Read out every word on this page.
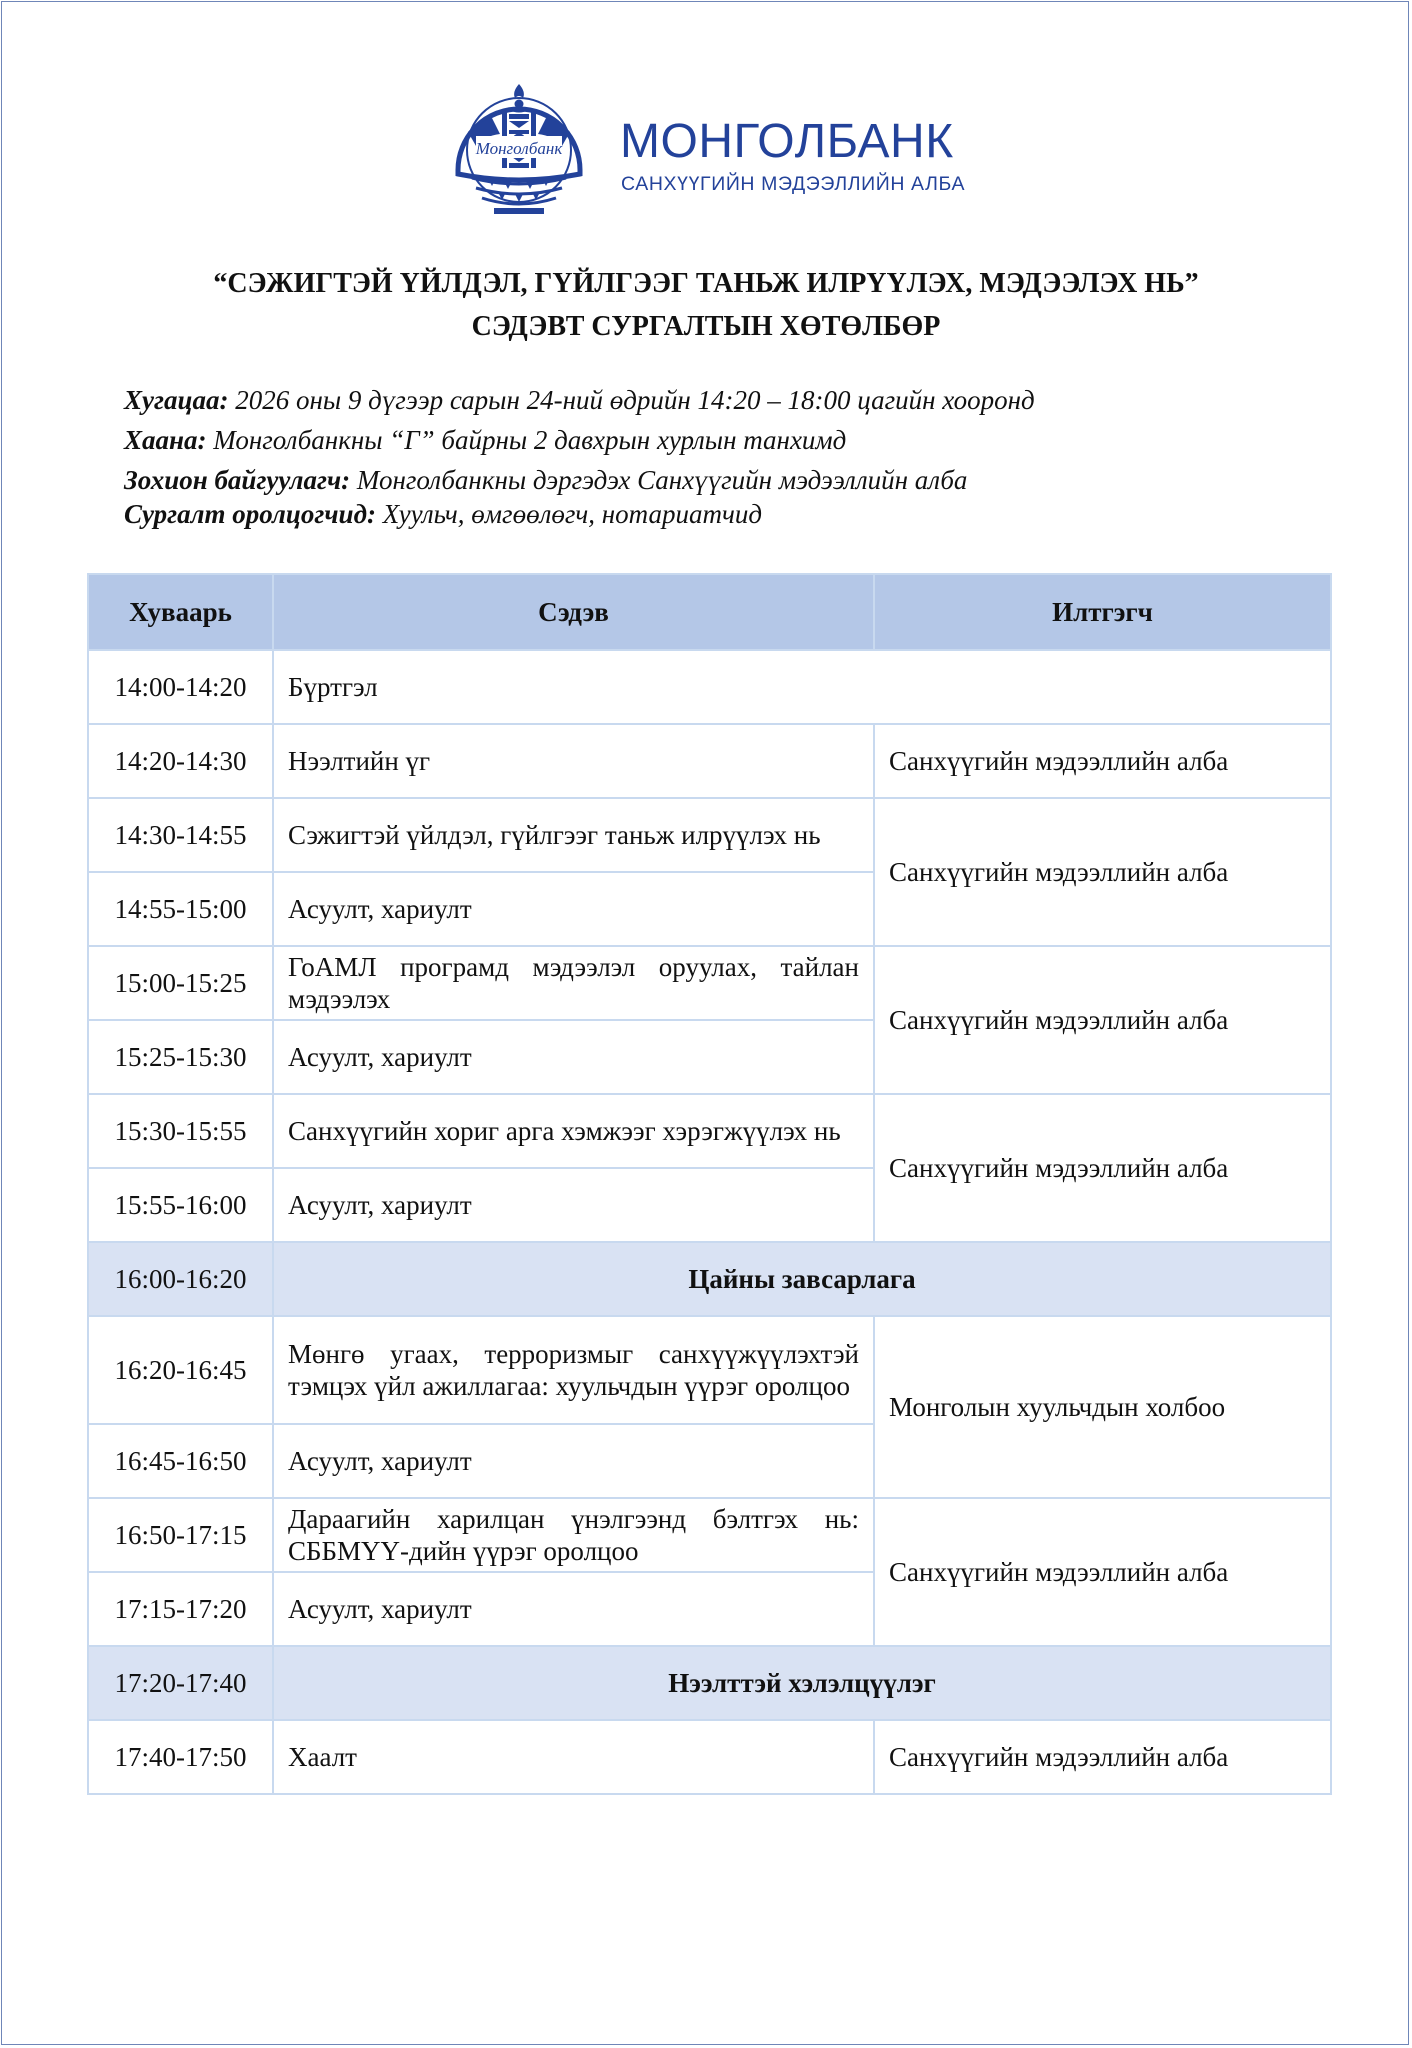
Монголбанк МОНГОЛБАНК
САНХҮҮГИЙН МЭДЭЭЛЛИЙН АЛБА
“СЭЖИГТЭЙ ҮЙЛДЭЛ, ГҮЙЛГЭЭГ ТАНЬЖ ИЛРҮҮЛЭХ, МЭДЭЭЛЭХ НЬ”
СЭДЭВТ СУРГАЛТЫН ХӨТӨЛБӨР
Хугацаа: 2026 оны 9 дүгээр сарын 24-ний өдрийн 14:20 – 18:00 цагийн хооронд
Хаана: Монголбанкны “Г” байрны 2 давхрын хурлын танхимд
Зохион байгуулагч: Монголбанкны дэргэдэх Санхүүгийн мэдээллийн алба
Сургалт оролцогчид: Хуульч, өмгөөлөгч, нотариатчид
Хуваарь	Сэдэв	Илтгэгч
14:00-14:20	Бүртгэл	
14:20-14:30	Нээлтийн үг	Санхүүгийн мэдээллийн алба
14:30-14:55	Сэжигтэй үйлдэл, гүйлгээг таньж илрүүлэх нь	Санхүүгийн мэдээллийн алба
14:55-15:00	Асуулт, хариулт	
15:00-15:25	ГоАМЛ програмд мэдээлэл оруулах, тайлан мэдээлэх	Санхүүгийн мэдээллийн алба
15:25-15:30	Асуулт, хариулт	
15:30-15:55	Санхүүгийн хориг арга хэмжээг хэрэгжүүлэх нь	Санхүүгийн мэдээллийн алба
15:55-16:00	Асуулт, хариулт	
16:00-16:20	Цайны завсарлага	
16:20-16:45	Мөнгө угаах, терроризмыг санхүүжүүлэхтэй тэмцэх үйл ажиллагаа: хуульчдын үүрэг оролцоо	Монголын хуульчдын холбоо
16:45-16:50	Асуулт, хариулт	
16:50-17:15	Дараагийн харилцан үнэлгээнд бэлтгэх нь: СББМҮҮ-дийн үүрэг оролцоо	Санхүүгийн мэдээллийн алба
17:15-17:20	Асуулт, хариулт	
17:20-17:40	Нээлттэй хэлэлцүүлэг	
17:40-17:50	Хаалт	Санхүүгийн мэдээллийн алба
